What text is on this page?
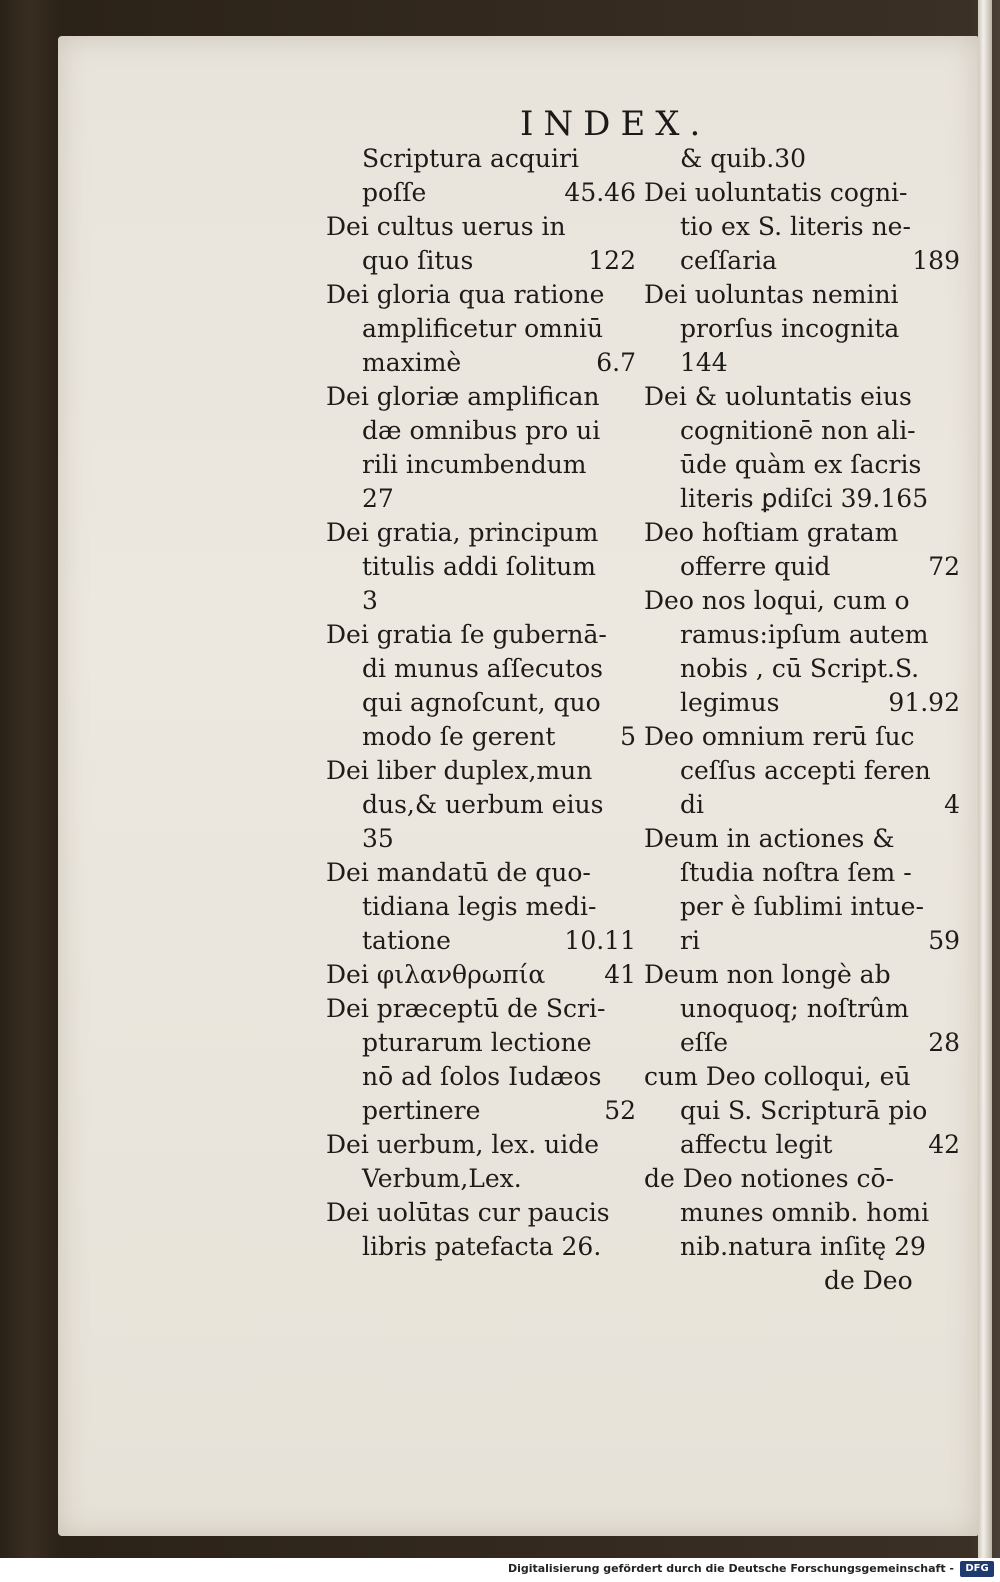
INDEX.
Scriptura acquiri
poſſe	45.46
Dei cultus uerus in
quo ſitus	122
Dei gloria qua ratione
amplificetur omniū
maximè	6.7
Dei gloriæ amplifican
dæ omnibus pro ui
rili incumbendum
27
Dei gratia, principum
titulis addi ſolitum
3
Dei gratia ſe gubernā-
di munus aſſecutos
qui agnoſcunt, quo
modo ſe gerent	5
Dei liber duplex,mun
dus,& uerbum eius
35
Dei mandatū de quo-
tidiana legis medi-
tatione	10.11
Dei φιλανθρωπία 41
Dei præceptū de Scri-
pturarum lectione
nō ad ſolos Iudæos
pertinere	52
Dei uerbum, lex. uide
Verbum,Lex.
Dei uolūtas cur paucis
libris patefacta 26.
& quib.30
Dei uoluntatis cogni-
tio ex S. literis ne-
ceſſaria	189
Dei uoluntas nemini
prorſus incognita
144
Dei & uoluntatis eius
cognitionē non ali-
ūde quàm ex ſacris
literis ꝑdiſci 39.165
Deo hoſtiam gratam
offerre quid	72
Deo nos loqui, cum o
ramus:ipſum autem
nobis , cū Script.S.
legimus	91.92
Deo omnium rerū ſuc
ceſſus accepti feren
di	4
Deum in actiones &
ſtudia noſtra ſem -
per è ſublimi intue-
ri	59
Deum non longè ab
unoquoq; noſtrûm
eſſe	28
cum Deo colloqui, eū
qui S. Scripturā pio
affectu legit	42
de Deo notiones cō-
munes omnib. homi
nib.natura inſitę 29
de Deo
Digitalisierung gefördert durch die Deutsche Forschungsgemeinschaft -	DFG
